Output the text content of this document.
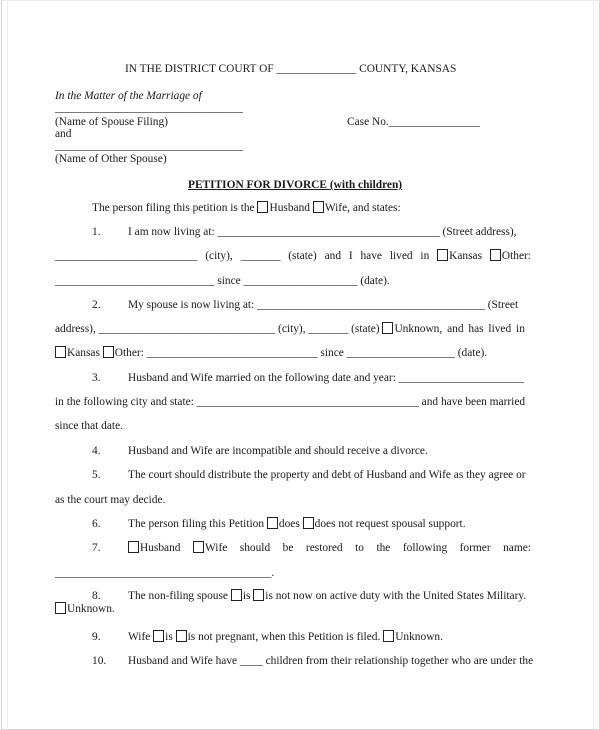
IN THE DISTRICT COURT OF ______________ COUNTY, KANSAS
In the Matter of the Marriage of
_________________________________
(Name of Spouse Filing)	Case No.________________
and
_________________________________
(Name of Other Spouse)
PETITION FOR DIVORCE (with children)
The person filing this petition is the Husband Wife, and states:
1. I am now living at: _______________________________________ (Street address),
_________________________ (city), _______ (state) and I have lived in	Kansas	Other:
____________________________ since ____________________ (date).
2. My spouse is now living at: ________________________________________ (Street
address), _______________________________ (city), _______ (state) Unknown, and has lived in
Kansas Other: ______________________________ since ___________________ (date).
3. Husband and Wife married on the following date and year: ______________________
in the following city and state: _______________________________________ and have been married
since that date.
4. Husband and Wife are incompatible and should receive a divorce.
5. The court should distribute the property and debt of Husband and Wife as they agree or
as the court may decide.
6. The person filing this Petition does does not request spousal support.
7.	Husband	Wife should be restored to the following former name:
______________________________________.
8. The non-filing spouse is is not now on active duty with the United States Military.
Unknown.
9. Wife is is not pregnant, when this Petition is filed. Unknown.
10. Husband and Wife have ____ children from their relationship together who are under the
